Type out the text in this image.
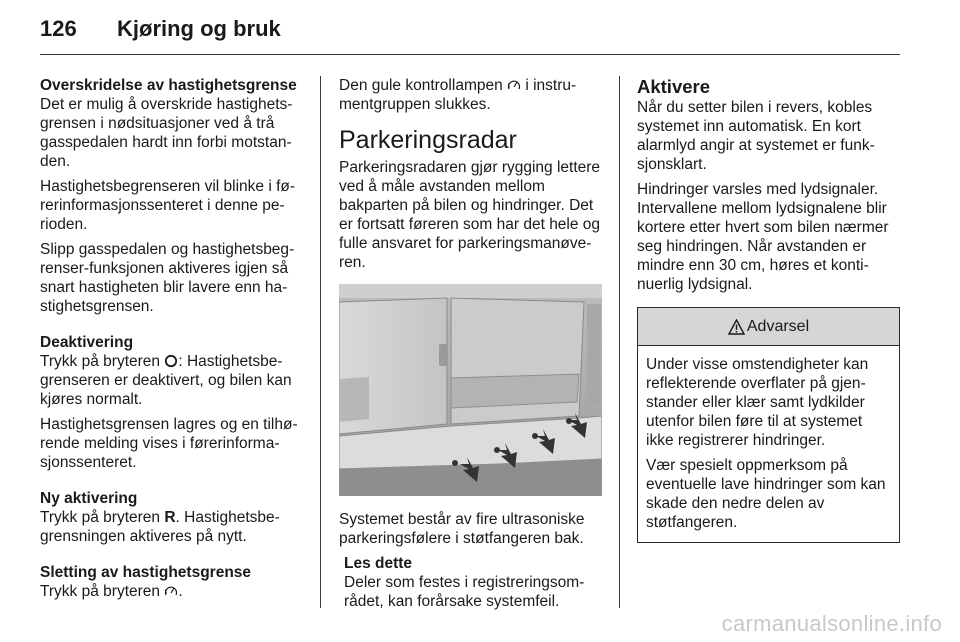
126 Kjøring og bruk

Overskridelse av hastighetsgrense

Det er mulig å overskride hastighetsgrensen i nødsituasjoner ved å trå gasspedalen hardt inn forbi motstanden.

Hastighetsbegrenseren vil blinke i førerinformasjonssenteret i denne perioden.

Slipp gasspedalen og hastighetsbegrenser-funksjonen aktiveres igjen så snart hastigheten blir lavere enn hastighetsgrensen.

Deaktivering

Trykk på bryteren : Hastighetsbegrenseren er deaktivert, og bilen kan kjøres normalt.

Hastighetsgrensen lagres og en tilhørende melding vises i førerinformasjonssenteret.

Ny aktivering

Trykk på bryteren R. Hastighetsbegrensningen aktiveres på nytt.

Sletting av hastighetsgrense

Trykk på bryteren .

Den gule kontrollampen  i instrumentgruppen slukkes.

Parkeringsradar

Parkeringsradaren gjør rygging lettere ved å måle avstanden mellom bakparten på bilen og hindringer. Det er fortsatt føreren som har det hele og fulle ansvaret for parkeringsmanøveren.

Systemet består av fire ultrasoniske parkeringsfølere i støtfangeren bak.

Les dette

Deler som festes i registreringsområdet, kan forårsake systemfeil.

Aktivere

Når du setter bilen i revers, kobles systemet inn automatisk. En kort alarmlyd angir at systemet er funksjonsklart.

Hindringer varsles med lydsignaler. Intervallene mellom lydsignalene blir kortere etter hvert som bilen nærmer seg hindringen. Når avstanden er mindre enn 30 cm, høres et kontinuerlig lydsignal.

Advarsel

Under visse omstendigheter kan reflekterende overflater på gjenstander eller klær samt lydkilder utenfor bilen føre til at systemet ikke registrerer hindringer.

Vær spesielt oppmerksom på eventuelle lave hindringer som kan skade den nedre delen av støtfangeren.

carmanualsonline.info
